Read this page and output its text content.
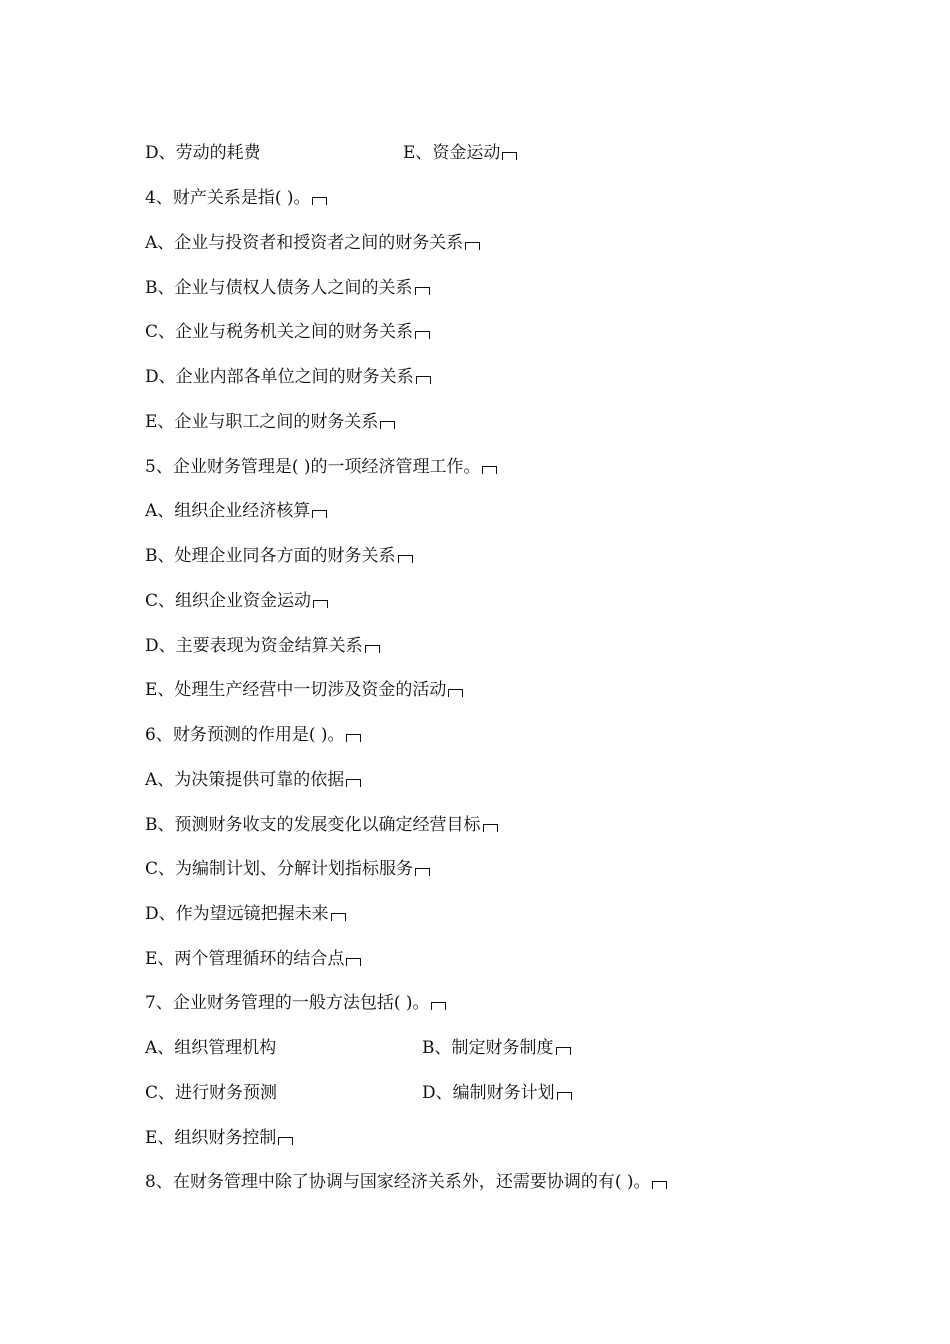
D、劳动的耗费	E、资金运动
4、财产关系是指( )。
A、企业与投资者和授资者之间的财务关系
B、企业与债权人债务人之间的关系
C、企业与税务机关之间的财务关系
D、企业内部各单位之间的财务关系
E、企业与职工之间的财务关系
5、企业财务管理是( )的一项经济管理工作。
A、组织企业经济核算
B、处理企业同各方面的财务关系
C、组织企业资金运动
D、主要表现为资金结算关系
E、处理生产经营中一切涉及资金的活动
6、财务预测的作用是( )。
A、为决策提供可靠的依据
B、预测财务收支的发展变化以确定经营目标
C、为编制计划、分解计划指标服务
D、作为望远镜把握未来
E、两个管理循环的结合点
7、企业财务管理的一般方法包括( )。
A、组织管理机构	B、制定财务制度
C、进行财务预测	D、编制财务计划
E、组织财务控制
8、在财务管理中除了协调与国家经济关系外，还需要协调的有( )。
